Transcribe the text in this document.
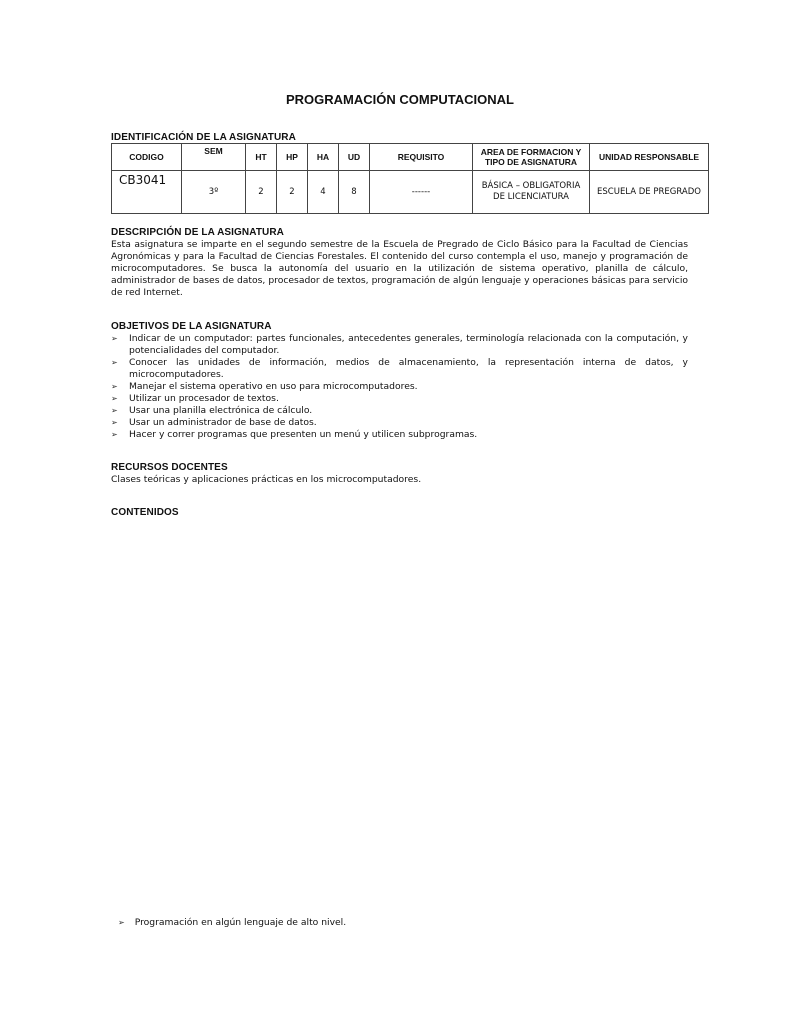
PROGRAMACIÓN COMPUTACIONAL
IDENTIFICACIÓN DE LA ASIGNATURA
CODIGO	SEM	HT	HP	HA	UD	REQUISITO	AREA DE FORMACION Y TIPO DE ASIGNATURA	UNIDAD RESPONSABLE
CB3041	3º	2	2	4	8	------	BÁSICA – OBLIGATORIA DE LICENCIATURA	ESCUELA DE PREGRADO
DESCRIPCIÓN DE LA ASIGNATURA
Esta asignatura se imparte en el segundo semestre de la Escuela de Pregrado de Ciclo Básico para la Facultad de Ciencias Agronómicas y para la Facultad de Ciencias Forestales. El contenido del curso contempla el uso, manejo y programación de microcomputadores. Se busca la autonomía del usuario en la utilización de sistema operativo, planilla de cálculo, administrador de bases de datos, procesador de textos, programación de algún lenguaje y operaciones básicas para servicio de red Internet.
OBJETIVOS DE LA ASIGNATURA
➢ Indicar de un computador: partes funcionales, antecedentes generales, terminología relacionada con la computación, y potencialidades del computador.
➢ Conocer las unidades de información, medios de almacenamiento, la representación interna de datos, y microcomputadores.
➢ Manejar el sistema operativo en uso para microcomputadores.
➢ Utilizar un procesador de textos.
➢ Usar una planilla electrónica de cálculo.
➢ Usar un administrador de base de datos.
➢ Hacer y correr programas que presenten un menú y utilicen subprogramas.
RECURSOS DOCENTES
Clases teóricas y aplicaciones prácticas en los microcomputadores.
CONTENIDOS
➢ Programación en algún lenguaje de alto nivel.
